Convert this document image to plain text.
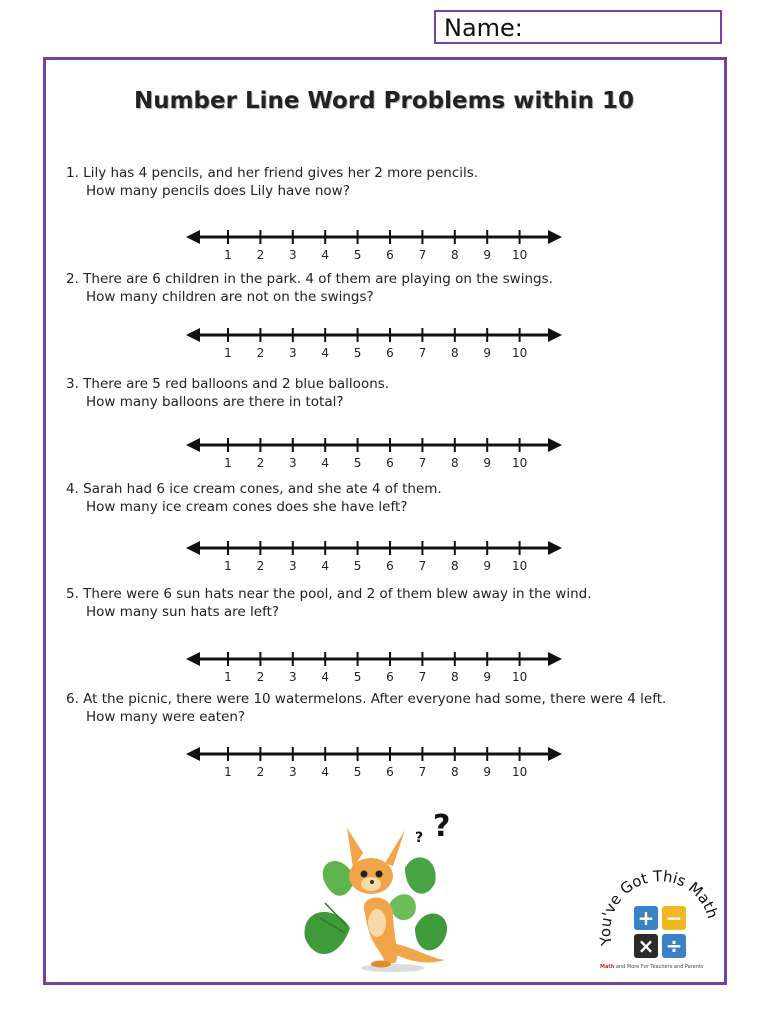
Name:
Number Line Word Problems within 10
1. Lily has 4 pencils, and her friend gives her 2 more pencils.
How many pencils does Lily have now?
2. There are 6 children in the park. 4 of them are playing on the swings.
How many children are not on the swings?
3. There are 5 red balloons and 2 blue balloons.
How many balloons are there in total?
4. Sarah had 6 ice cream cones, and she ate 4 of them.
How many ice cream cones does she have left?
5. There were 6 sun hats near the pool, and 2 of them blew away in the wind.
How many sun hats are left?
6. At the picnic, there were 10 watermelons. After everyone had some, there were 4 left.
How many were eaten?
1 2 3 4 5 6 7 8 9 10
1 2 3 4 5 6 7 8 9 10
1 2 3 4 5 6 7 8 9 10
1 2 3 4 5 6 7 8 9 10
1 2 3 4 5 6 7 8 9 10
1 2 3 4 5 6 7 8 9 10
?
?
You've Got This Math
+ −
× ÷
Math and More For Teachers and Parents
